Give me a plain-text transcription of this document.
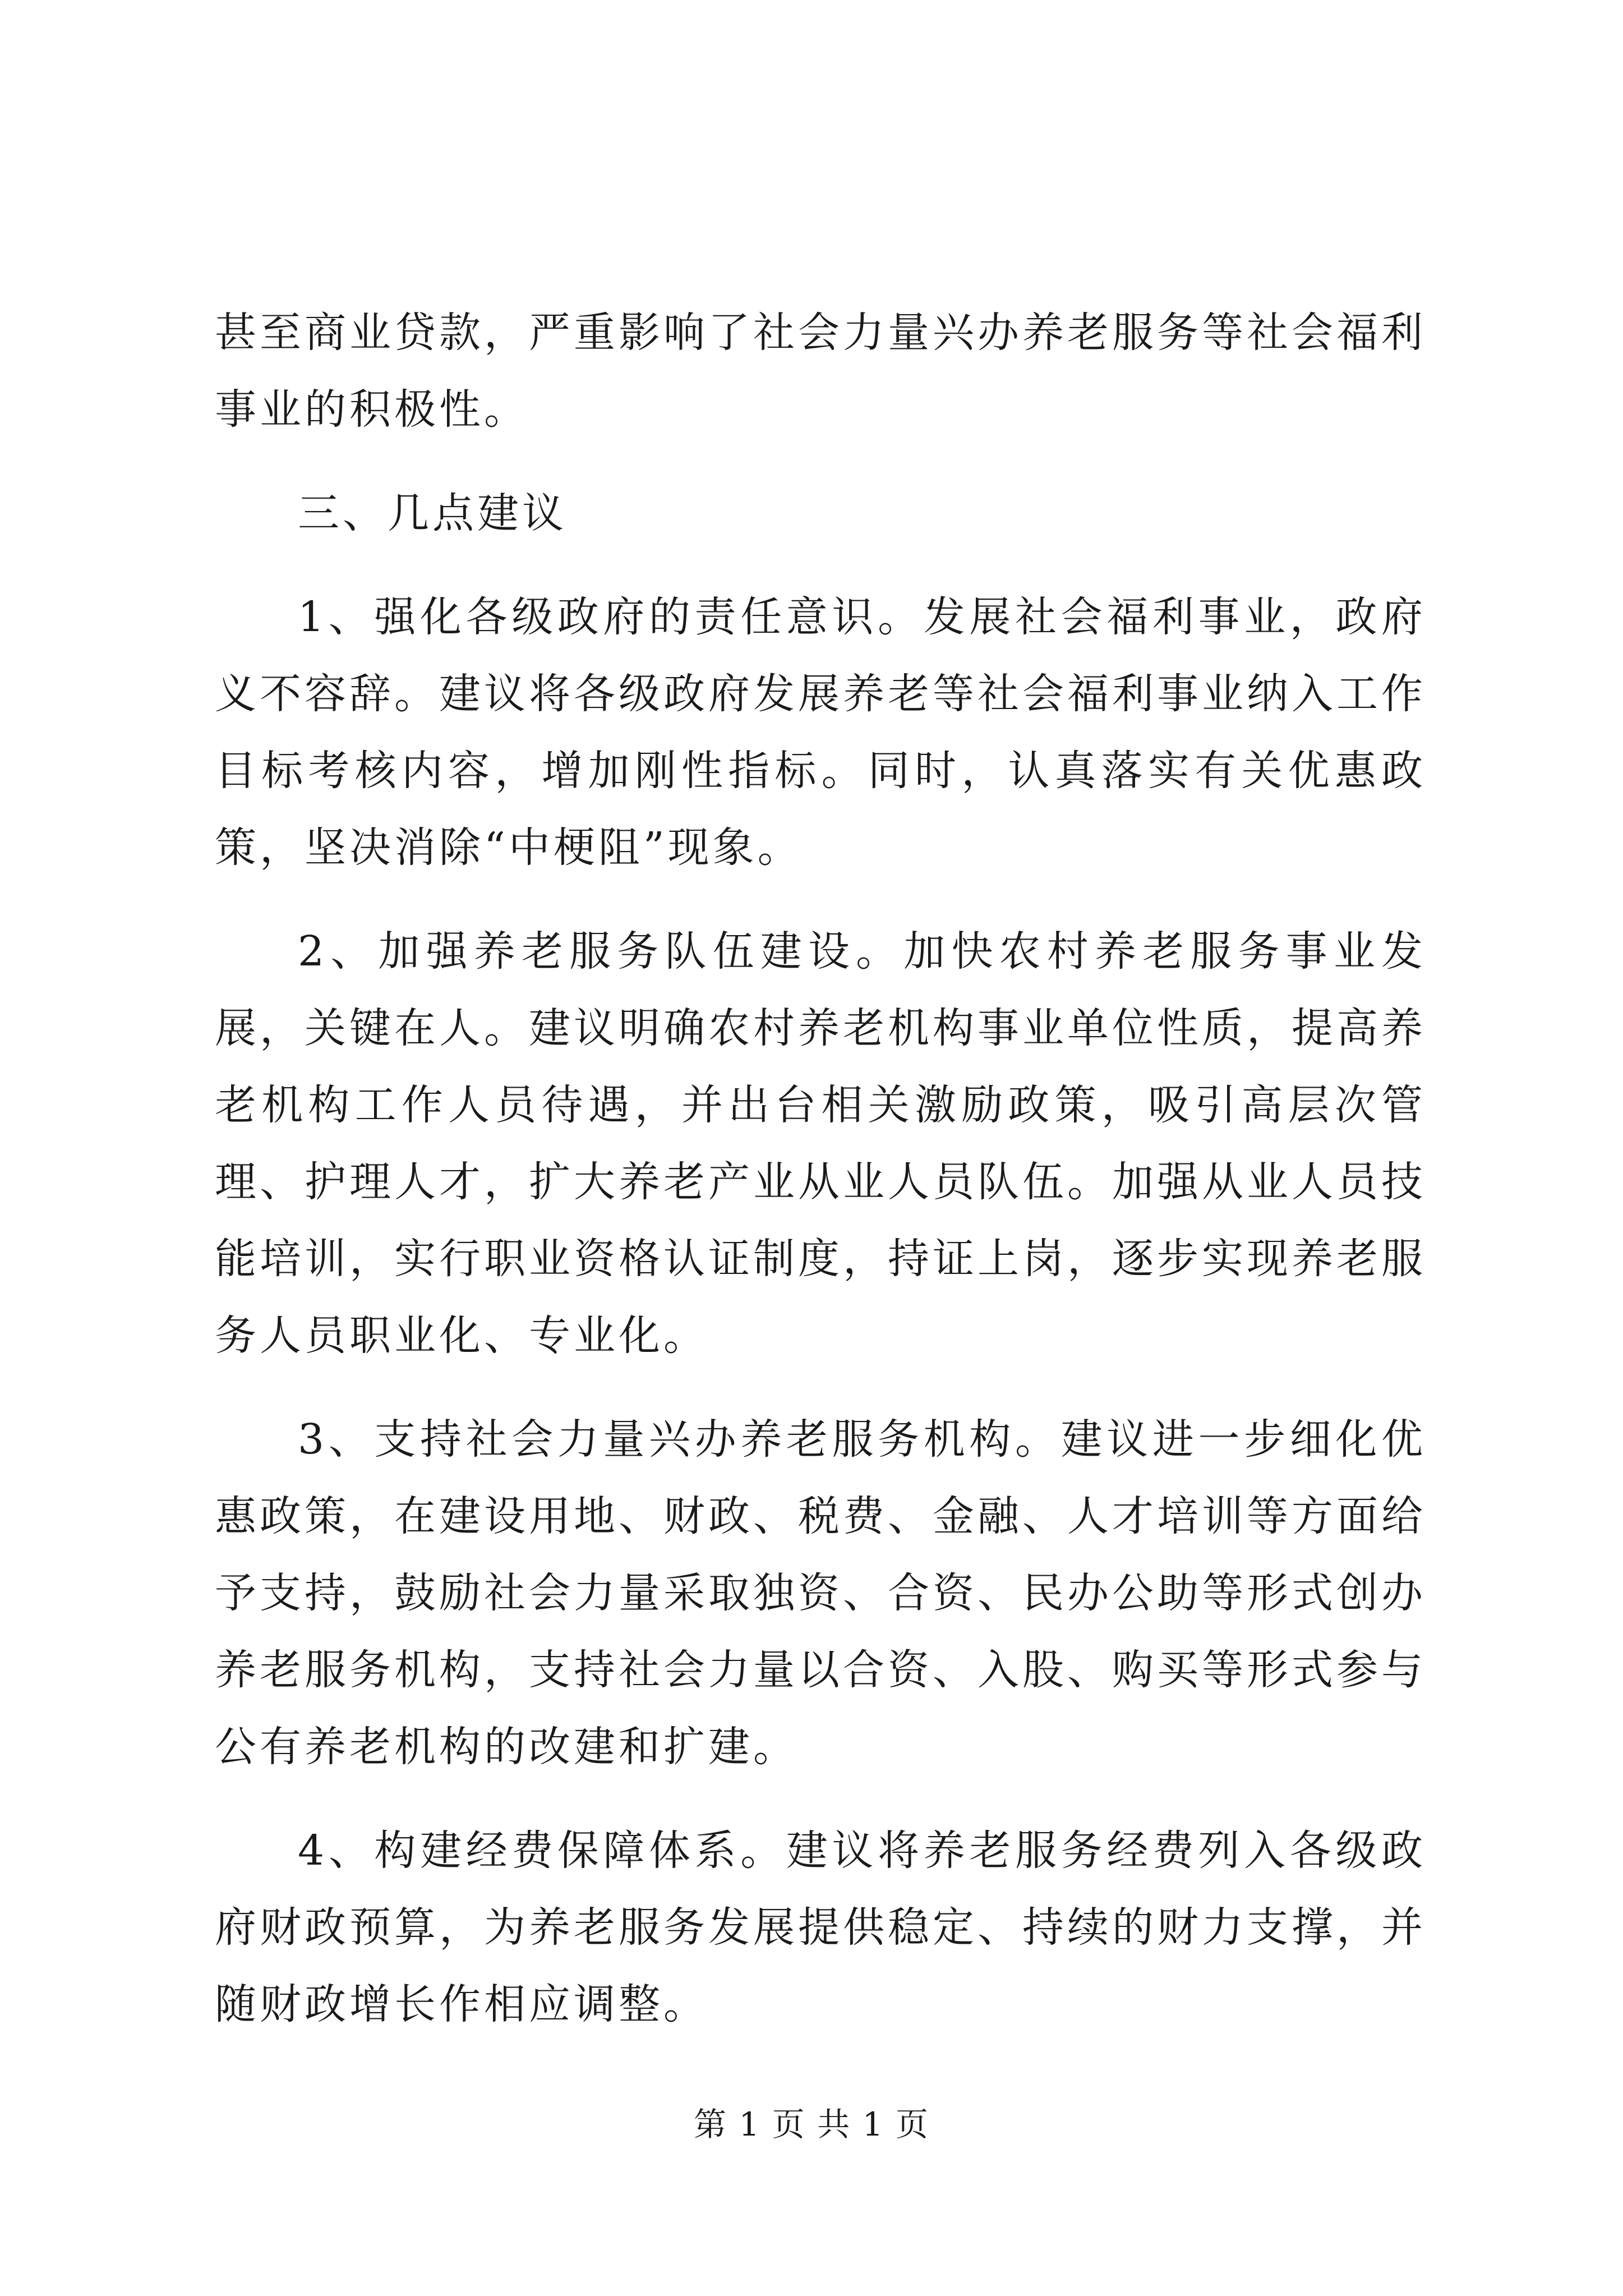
甚至商业贷款，严重影响了社会力量兴办养老服务等社会福利事业的积极性。

三、几点建议

1、强化各级政府的责任意识。发展社会福利事业，政府义不容辞。建议将各级政府发展养老等社会福利事业纳入工作目标考核内容，增加刚性指标。同时，认真落实有关优惠政策，坚决消除“中梗阻”现象。

2、加强养老服务队伍建设。加快农村养老服务事业发展，关键在人。建议明确农村养老机构事业单位性质，提高养老机构工作人员待遇，并出台相关激励政策，吸引高层次管理、护理人才，扩大养老产业从业人员队伍。加强从业人员技能培训，实行职业资格认证制度，持证上岗，逐步实现养老服务人员职业化、专业化。

3、支持社会力量兴办养老服务机构。建议进一步细化优惠政策，在建设用地、财政、税费、金融、人才培训等方面给予支持，鼓励社会力量采取独资、合资、民办公助等形式创办养老服务机构，支持社会力量以合资、入股、购买等形式参与公有养老机构的改建和扩建。

4、构建经费保障体系。建议将养老服务经费列入各级政府财政预算，为养老服务发展提供稳定、持续的财力支撑，并随财政增长作相应调整。

第 1 页 共 1 页
